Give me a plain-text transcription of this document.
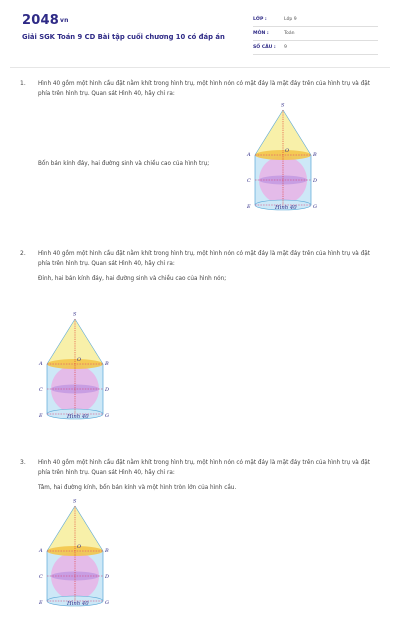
2048vn
Giải SGK Toán 9 CD Bài tập cuối chương 10 có đáp án
LỚP :	Lớp 9
MÔN :	Toán
SỐ CÂU : 9
1. Hình 40 gồm một hình cầu đặt nằm khít trong hình trụ, một hình nón có mặt đáy là mặt đáy trên của hình trụ và đặt phía trên hình trụ. Quan sát Hình 40, hãy chỉ ra:
Bốn bán kính đáy, hai đường sinh và chiều cao của hình trụ;
S
A	B
C	D
E	G
O
Hình 40
2. Hình 40 gồm một hình cầu đặt nằm khít trong hình trụ, một hình nón có mặt đáy là mặt đáy trên của hình trụ và đặt phía trên hình trụ. Quan sát Hình 40, hãy chỉ ra:
Đỉnh, hai bán kính đáy, hai đường sinh và chiều cao của hình nón;
S
A	B
C	D
E	G
O
Hình 40
3. Hình 40 gồm một hình cầu đặt nằm khít trong hình trụ, một hình nón có mặt đáy là mặt đáy trên của hình trụ và đặt phía trên hình trụ. Quan sát Hình 40, hãy chỉ ra:
Tâm, hai đường kính, bốn bán kính và một hình tròn lớn của hình cầu.
S
A	B
C	D
E	G
O
Hình 40
